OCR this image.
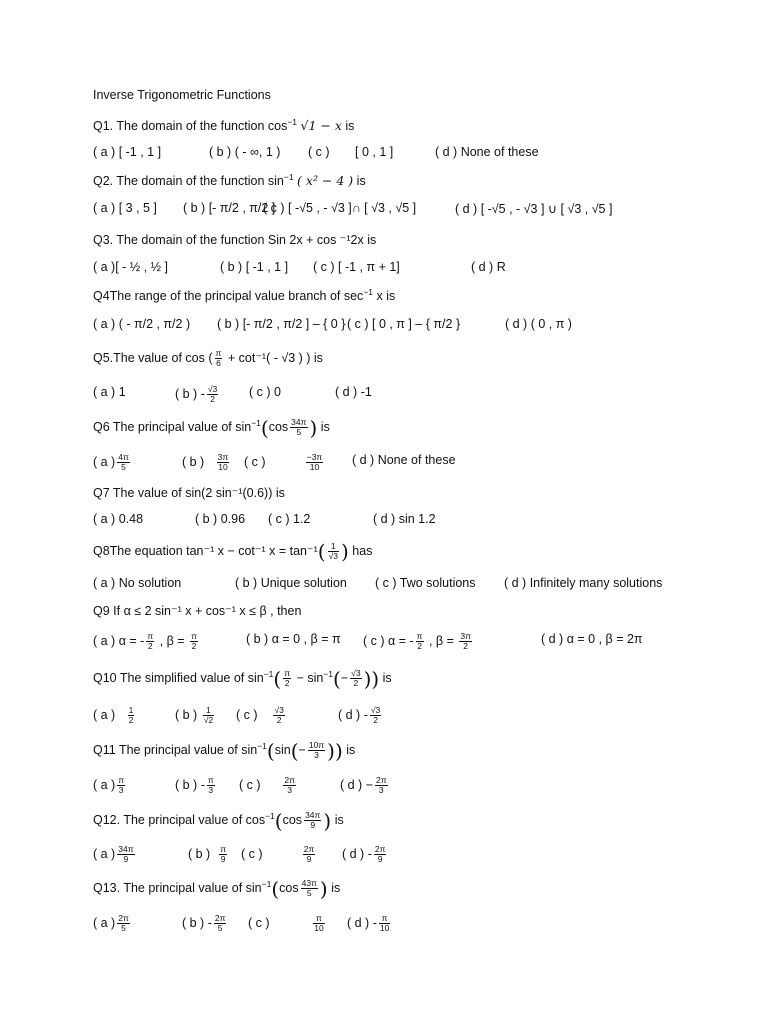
Inverse Trigonometric Functions
Q1. The domain of the function $\cos^{-1} √1 - x$ is
( a ) [ -1 , 1 ]	( b ) ( - ∞, 1 ) ( c ) [ 0 , 1 ]	( d ) None of these
Q2. The domain of the function $\sin^{-1}$ ( x² − 4 ) is
( a ) [ 3 , 5 ] ( b ) [- π/2 , π/2 ]
( c ) [ -√5 , - √3 ]∩ [ √3 , √5 ]	( d ) [ -√5 , - √3 ] ∪ [ √3 , √5 ]
Q3. The domain of the function Sin 2x + cos ⁻¹2x is
( a )[ - ½ , ½ ]	( b ) [ -1 , 1 ] ( c ) [ -1 , π + 1]	( d ) R
Q4The range of the principal value branch of $\sec^{-1} x$ is
( a ) ( - π/2 , π/2 ) ( b ) [- π/2 , π/2 ] – { 0 } ( c ) [ 0 , π ] – { π/2 }	( d ) ( 0 , π )
Q5.The value of cos ( $\frac{\pi}{6} + \cot^{-1}( - √3$ ) ) is
( a ) 1	( b ) - $\frac{√3}{2}$ ( c ) 0	( d ) -1
Q6 The principal value of $\sin^{-1}(\cos \frac{34\pi}{5}$ ) is
( a ) $\frac{4\pi}{5}$	( b ) $\frac{3\pi}{10}$ ( c )	$\frac{-3\pi}{10}$ ( d ) None of these
Q7 The value of sin(2 sin⁻¹(0.6)) is
( a ) 0.48	( b ) 0.96 ( c ) 1.2	( d ) sin 1.2
Q8The equation tan⁻¹ x − cot⁻¹ $x = \tan^{-1}( \frac{1}{√3}$ ) has
( a ) No solution	( b ) Unique solution ( c ) Two solutions ( d ) Infinitely many solutions
Q9 If α ≤ 2 sin⁻¹ x + cos⁻¹ x ≤ β , then
( a ) α = - $\frac{\pi}{2}$ , $\beta = \frac{\pi}{2}$	( b ) α = 0 , β = π ( c ) α = - $\frac{\pi}{2}$ , $\beta = \frac{3\pi}{2}$	( d ) α = 0 , β = 2π
Q10 The simplified value of $\sin^{-1}( \frac{\pi}{2} - \sin^{-1}(- \frac{√3}{2}$ )) is
( a ) $\frac{1}{2}$	( b ) $\frac{1}{√2}$ ( c ) $\frac{√3}{2}$	( d ) - $\frac{√3}{2}$
Q11 The principal value of $\sin^{-1}(\sin(- \frac{10\pi}{3}$ )) is
( a ) $\frac{\pi}{3}$	( b ) - $\frac{\pi}{3}$ ( c )	$\frac{2\pi}{3}$	( d ) − $\frac{2\pi}{3}$
Q12. The principal value of $\cos^{-1}(\cos \frac{34\pi}{9}$ ) is
( a ) $\frac{34\pi}{9}$	( b ) $\frac{\pi}{9}$ ( c )	$\frac{2\pi}{9}$ ( d ) - $\frac{2\pi}{9}$
Q13. The principal value of $\sin^{-1}(\cos \frac{43\pi}{5}$ ) is
( a ) $\frac{2\pi}{5}$	( b ) - $\frac{2\pi}{5}$ ( c )	$\frac{\pi}{10}$ ( d ) - $\frac{\pi}{10}$
